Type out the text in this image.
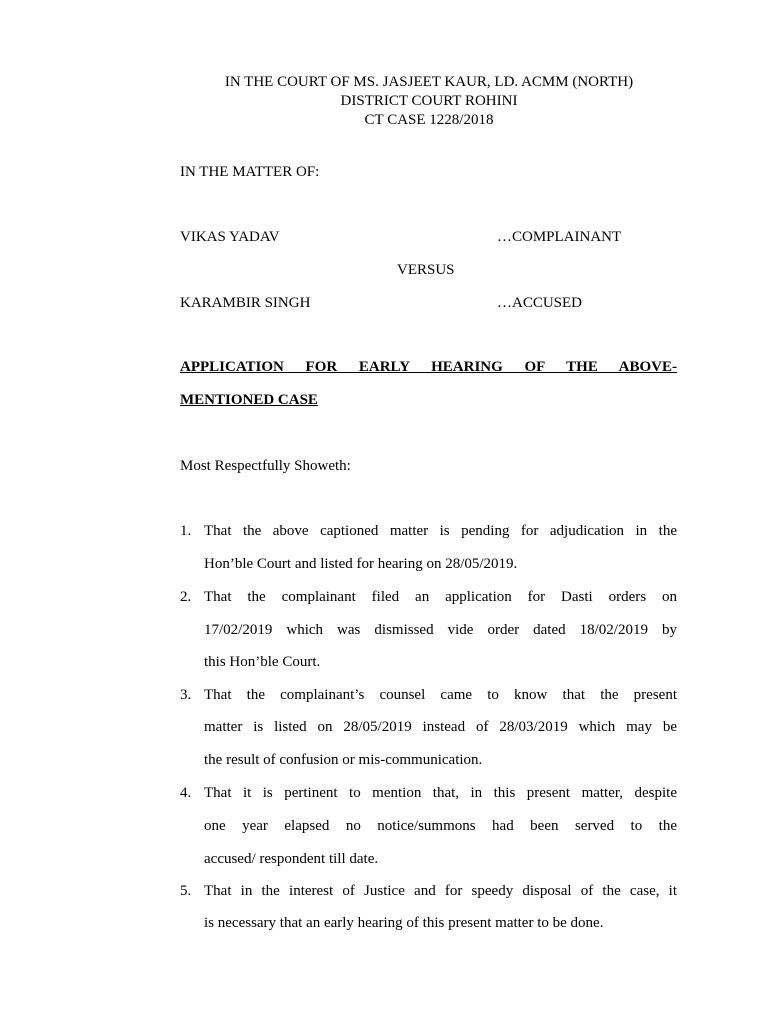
IN THE COURT OF MS. JASJEET KAUR, LD. ACMM (NORTH)
DISTRICT COURT ROHINI
CT CASE 1228/2018
IN THE MATTER OF:
VIKAS YADAV	…COMPLAINANT
VERSUS
KARAMBIR SINGH	…ACCUSED
APPLICATION FOR EARLY HEARING OF THE ABOVE-
MENTIONED CASE
Most Respectfully Showeth:
1. That the above captioned matter is pending for adjudication in the
Hon’ble Court and listed for hearing on 28/05/2019.
2. That the complainant filed an application for Dasti orders on
17/02/2019 which was dismissed vide order dated 18/02/2019 by
this Hon’ble Court.
3. That the complainant’s counsel came to know that the present
matter is listed on 28/05/2019 instead of 28/03/2019 which may be
the result of confusion or mis-communication.
4. That it is pertinent to mention that, in this present matter, despite
one year elapsed no notice/summons had been served to the
accused/ respondent till date.
5. That in the interest of Justice and for speedy disposal of the case, it
is necessary that an early hearing of this present matter to be done.
